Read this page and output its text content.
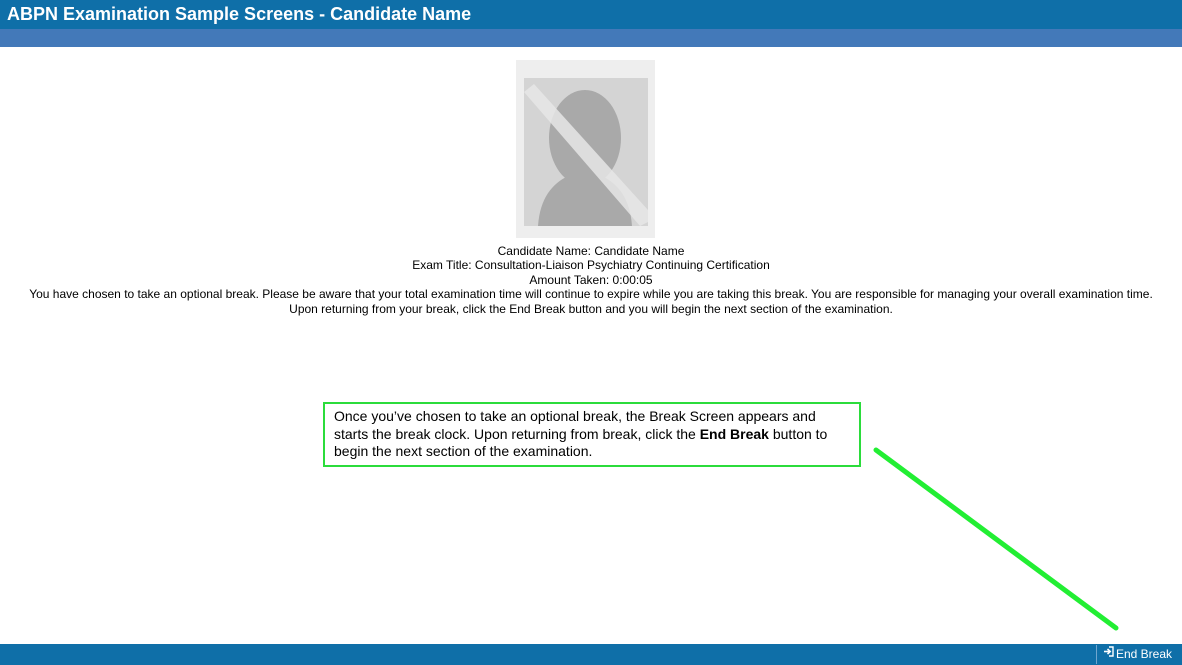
ABPN Examination Sample Screens - Candidate Name
Candidate Name: Candidate Name
Exam Title: Consultation-Liaison Psychiatry Continuing Certification
Amount Taken: 0:00:05
You have chosen to take an optional break. Please be aware that your total examination time will continue to expire while you are taking this break. You are responsible for managing your overall examination time. Upon returning from your break, click the End Break button and you will begin the next section of the examination.
Once you’ve chosen to take an optional break, the Break Screen appears and starts the break clock. Upon returning from break, click the End Break button to begin the next section of the examination.
End Break
